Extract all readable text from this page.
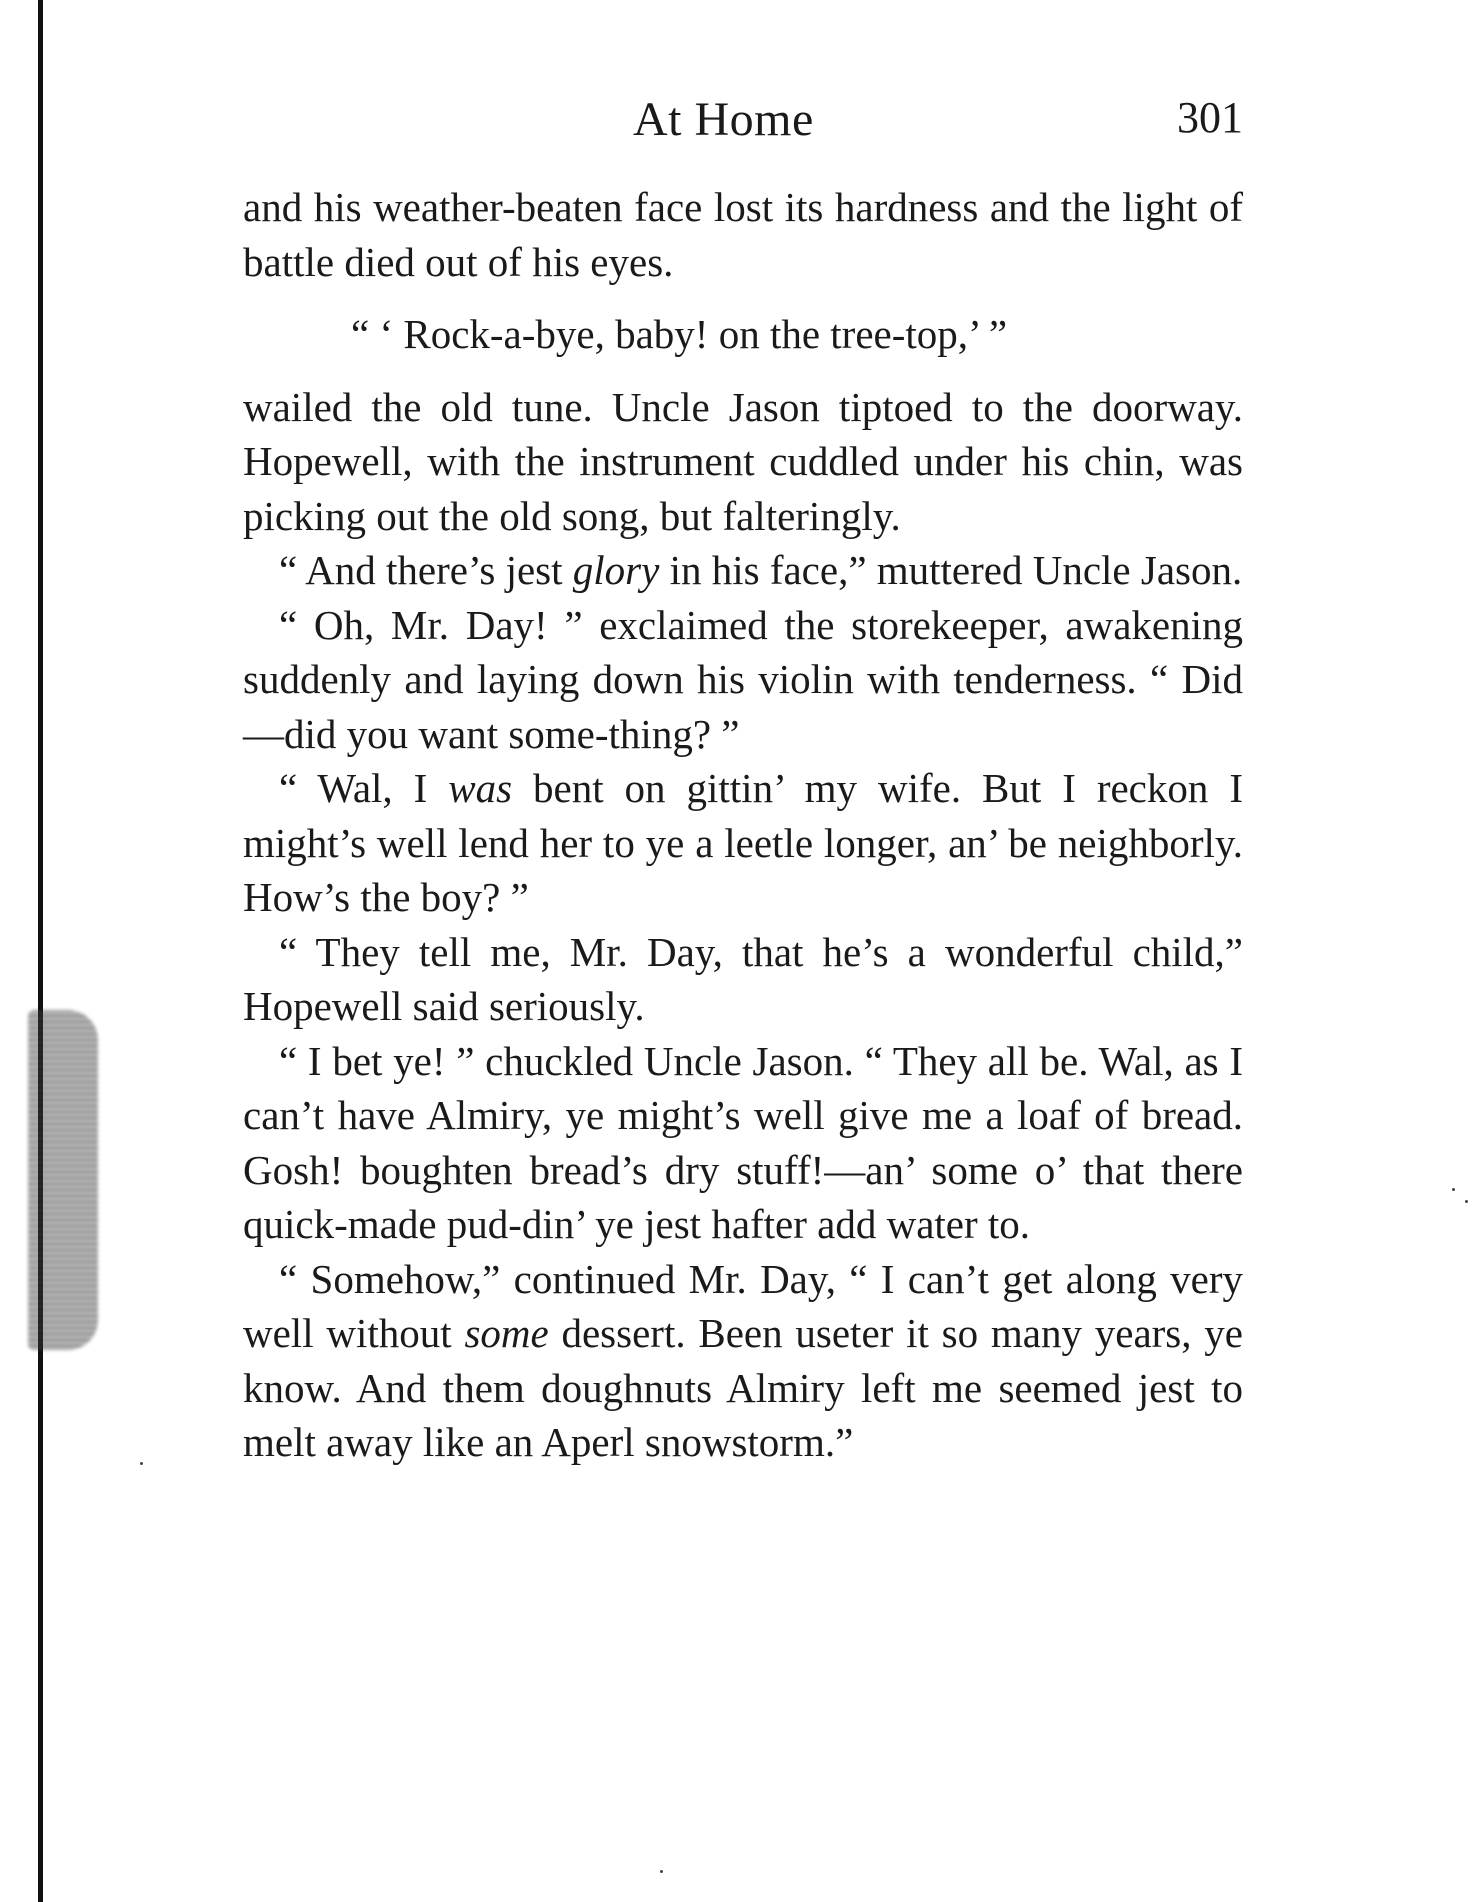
At Home	301

and his weather-beaten face lost its hardness and the light of battle died out of his eyes.

“ ‘ Rock-a-bye, baby! on the tree-top,’ ”

wailed the old tune. Uncle Jason tiptoed to the doorway. Hopewell, with the instrument cuddled under his chin, was picking out the old song, but falteringly.

“ And there’s jest glory in his face,” muttered Uncle Jason.

“ Oh, Mr. Day! ” exclaimed the storekeeper, awakening suddenly and laying down his violin with tenderness. “ Did—did you want some-thing? ”

“ Wal, I was bent on gittin’ my wife. But I reckon I might’s well lend her to ye a leetle longer, an’ be neighborly. How’s the boy? ”

“ They tell me, Mr. Day, that he’s a wonderful child,” Hopewell said seriously.

“ I bet ye! ” chuckled Uncle Jason. “ They all be. Wal, as I can’t have Almiry, ye might’s well give me a loaf of bread. Gosh! boughten bread’s dry stuff!—an’ some o’ that there quick-made pud-din’ ye jest hafter add water to.

“ Somehow,” continued Mr. Day, “ I can’t get along very well without some dessert. Been useter it so many years, ye know. And them doughnuts Almiry left me seemed jest to melt away like an Aperl snowstorm.”
